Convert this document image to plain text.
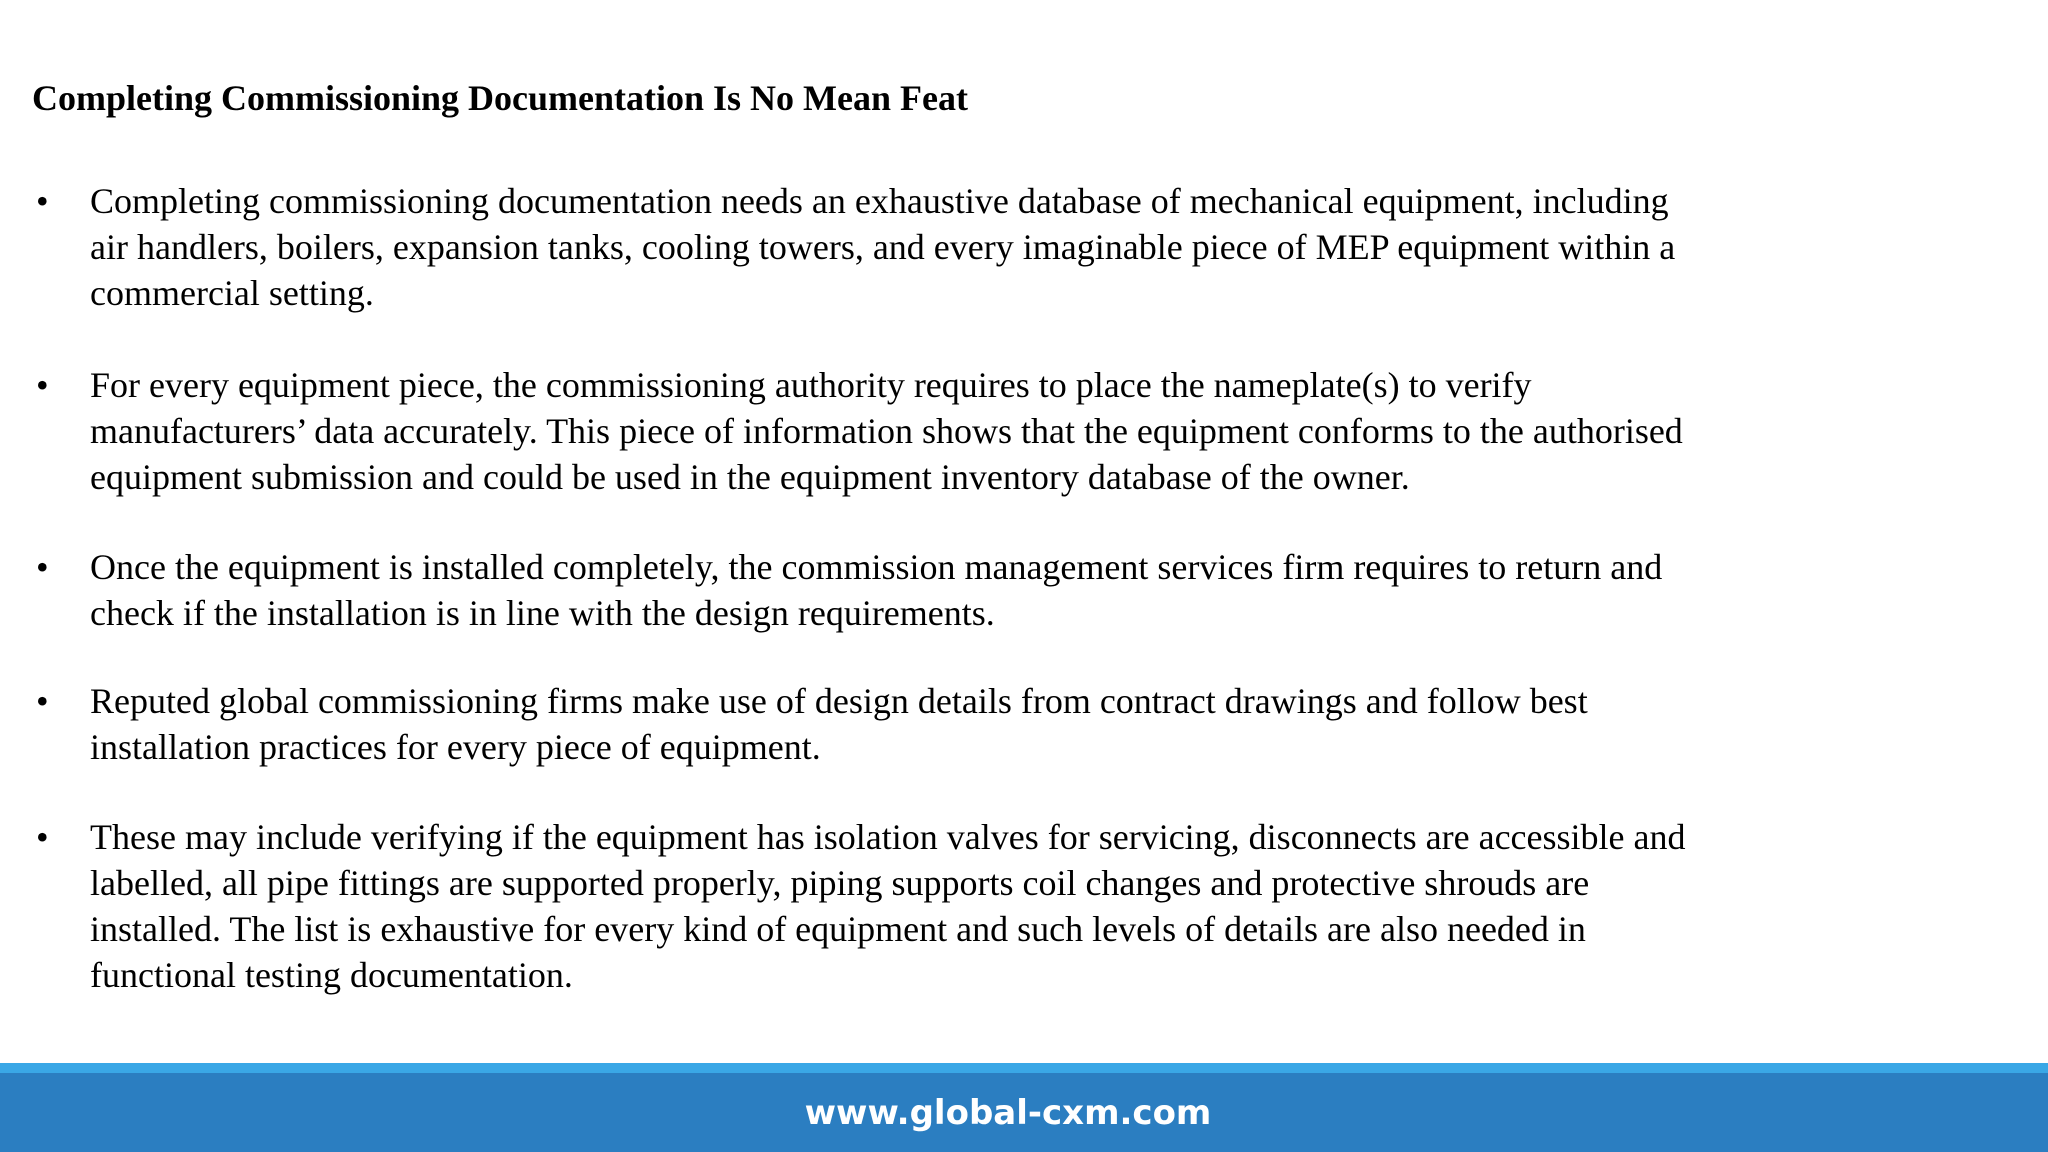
Completing Commissioning Documentation Is No Mean Feat
•	Completing commissioning documentation needs an exhaustive database of mechanical equipment, including air handlers, boilers, expansion tanks, cooling towers, and every imaginable piece of MEP equipment within a commercial setting.
•	For every equipment piece, the commissioning authority requires to place the nameplate(s) to verify manufacturers’ data accurately. This piece of information shows that the equipment conforms to the authorised equipment submission and could be used in the equipment inventory database of the owner.
•	Once the equipment is installed completely, the commission management services firm requires to return and check if the installation is in line with the design requirements.
•	Reputed global commissioning firms make use of design details from contract drawings and follow best installation practices for every piece of equipment.
•	These may include verifying if the equipment has isolation valves for servicing, disconnects are accessible and labelled, all pipe fittings are supported properly, piping supports coil changes and protective shrouds are installed. The list is exhaustive for every kind of equipment and such levels of details are also needed in functional testing documentation.
www.global-cxm.com
